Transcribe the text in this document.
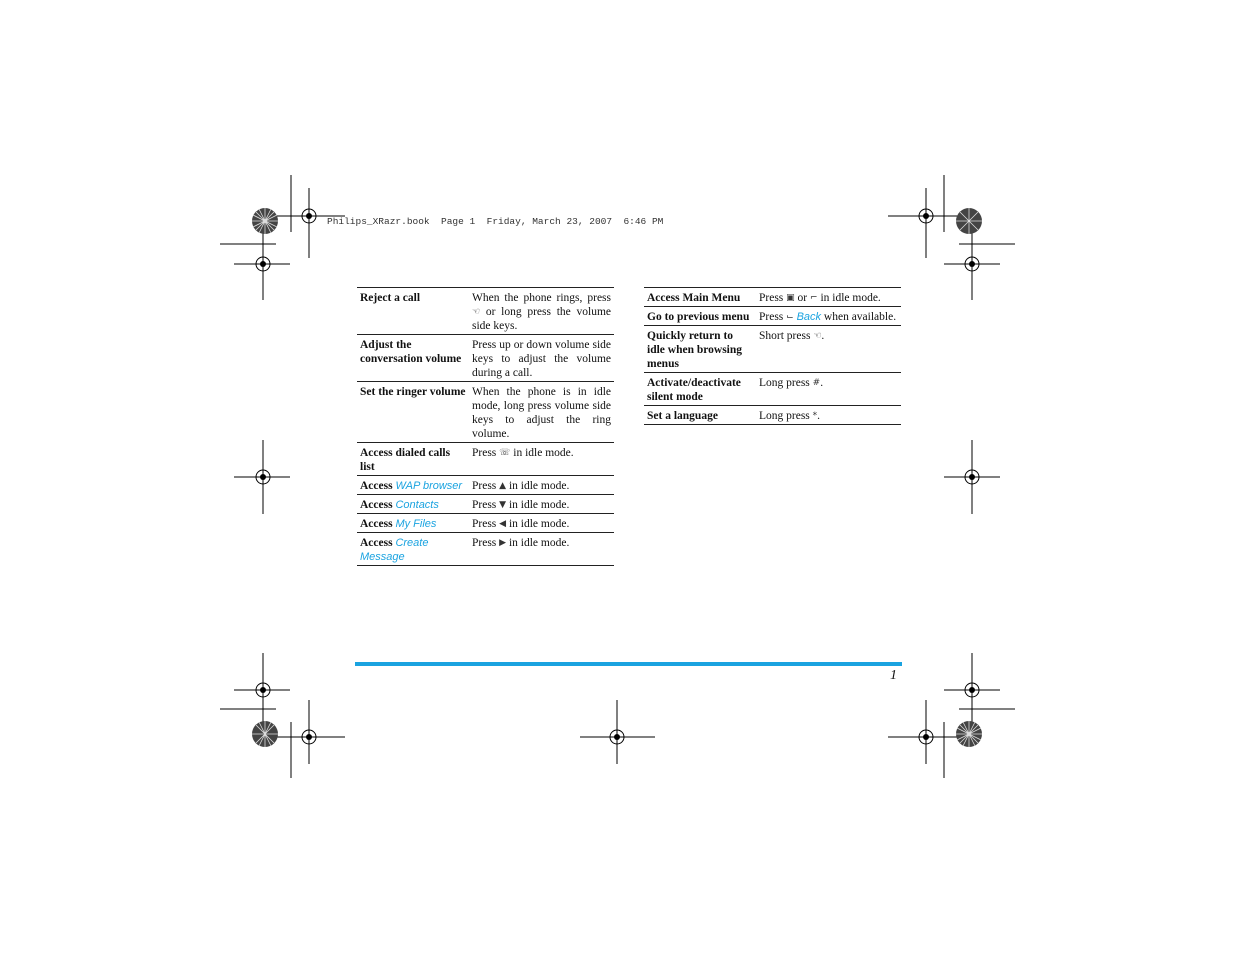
Philips_XRazr.book  Page 1  Friday, March 23, 2007  6:46 PM
Reject a call	When the phone rings, press ☜ or long press the volume side keys.
Adjust the conversation volume	Press up or down volume side keys to adjust the volume during a call.
Set the ringer volume	When the phone is in idle mode, long press volume side keys to adjust the ring volume.
Access dialed calls list	Press ☏ in idle mode.
Access WAP browser	Press ▲ in idle mode.
Access Contacts	Press ▼ in idle mode.
Access My Files	Press ◀ in idle mode.
Access Create Message	Press ▶ in idle mode.
Access Main Menu	Press ▣ or ⌐ in idle mode.
Go to previous menu	Press ⌙ Back when available.
Quickly return to idle when browsing menus	Short press ☜.
Activate/deactivate silent mode	Long press #.
Set a language	Long press *.
1
